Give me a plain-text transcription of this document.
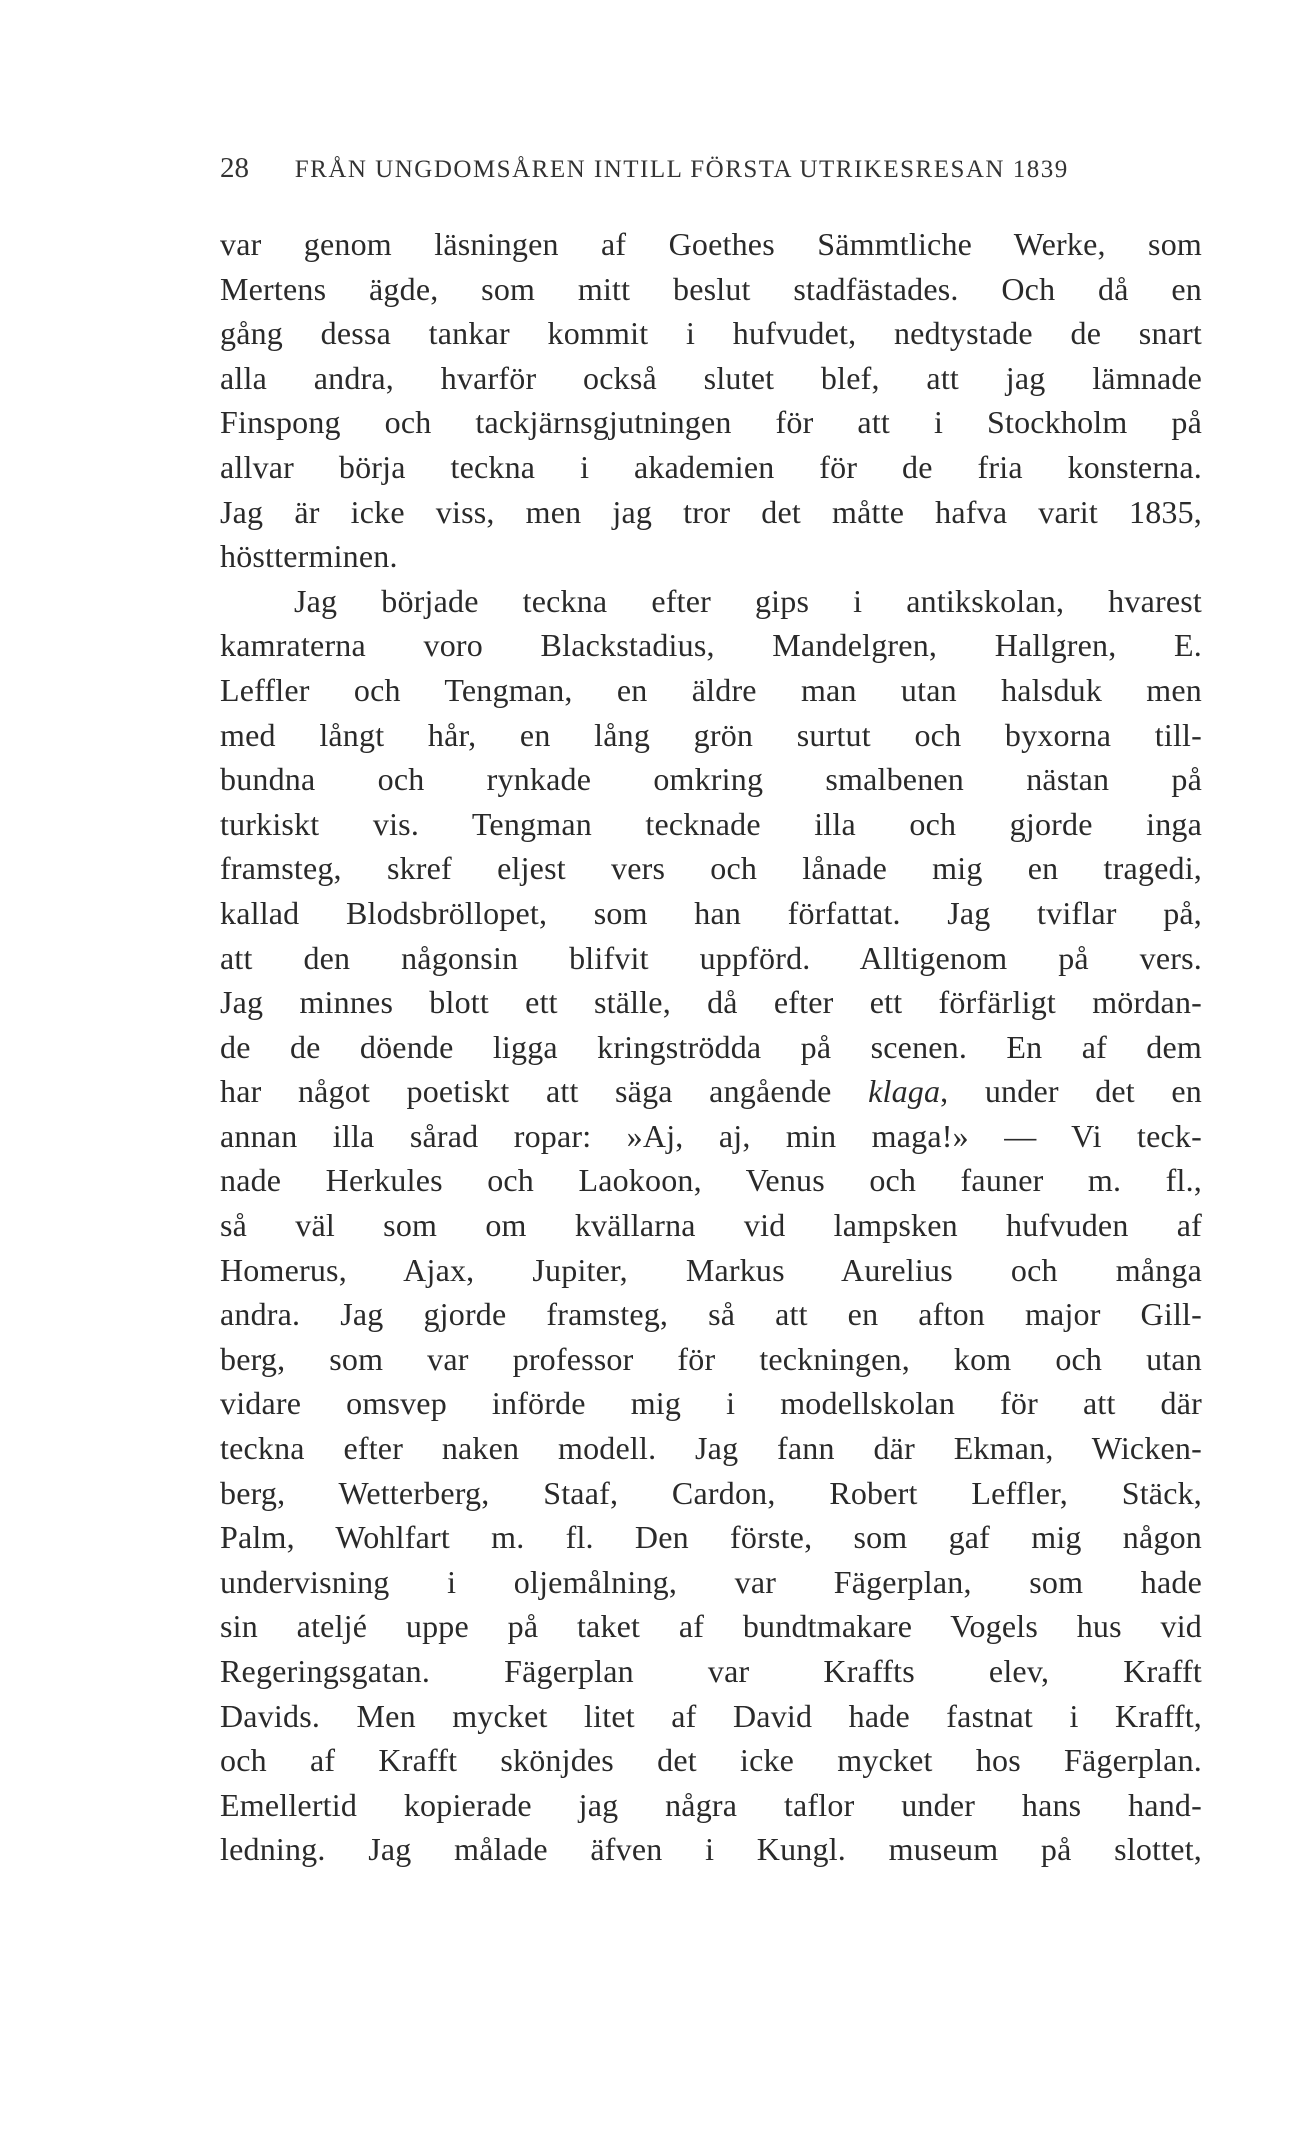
28 FRÅN UNGDOMSÅREN INTILL FÖRSTA UTRIKESRESAN 1839
var genom läsningen af Goethes Sämmtliche Werke, som
Mertens ägde, som mitt beslut stadfästades. Och då en
gång dessa tankar kommit i hufvudet, nedtystade de snart
alla andra, hvarför också slutet blef, att jag lämnade
Finspong och tackjärnsgjutningen för att i Stockholm på
allvar börja teckna i akademien för de fria konsterna.
Jag är icke viss, men jag tror det måtte hafva varit 1835,
höstterminen.
Jag började teckna efter gips i antikskolan, hvarest
kamraterna voro Blackstadius, Mandelgren, Hallgren, E.
Leffler och Tengman, en äldre man utan halsduk men
med långt hår, en lång grön surtut och byxorna till-
bundna och rynkade omkring smalbenen nästan på
turkiskt vis. Tengman tecknade illa och gjorde inga
framsteg, skref eljest vers och lånade mig en tragedi,
kallad Blodsbröllopet, som han författat. Jag tviflar på,
att den någonsin blifvit uppförd. Alltigenom på vers.
Jag minnes blott ett ställe, då efter ett förfärligt mördan-
de de döende ligga kringströdda på scenen. En af dem
har något poetiskt att säga angående klaga, under det en
annan illa sårad ropar: »Aj, aj, min maga!» — Vi teck-
nade Herkules och Laokoon, Venus och fauner m. fl.,
så väl som om kvällarna vid lampsken hufvuden af
Homerus, Ajax, Jupiter, Markus Aurelius och många
andra. Jag gjorde framsteg, så att en afton major Gill-
berg, som var professor för teckningen, kom och utan
vidare omsvep införde mig i modellskolan för att där
teckna efter naken modell. Jag fann där Ekman, Wicken-
berg, Wetterberg, Staaf, Cardon, Robert Leffler, Stäck,
Palm, Wohlfart m. fl. Den förste, som gaf mig någon
undervisning i oljemålning, var Fägerplan, som hade
sin ateljé uppe på taket af bundtmakare Vogels hus vid
Regeringsgatan. Fägerplan var Kraffts elev, Krafft
Davids. Men mycket litet af David hade fastnat i Krafft,
och af Krafft skönjdes det icke mycket hos Fägerplan.
Emellertid kopierade jag några taflor under hans hand-
ledning. Jag målade äfven i Kungl. museum på slottet,
